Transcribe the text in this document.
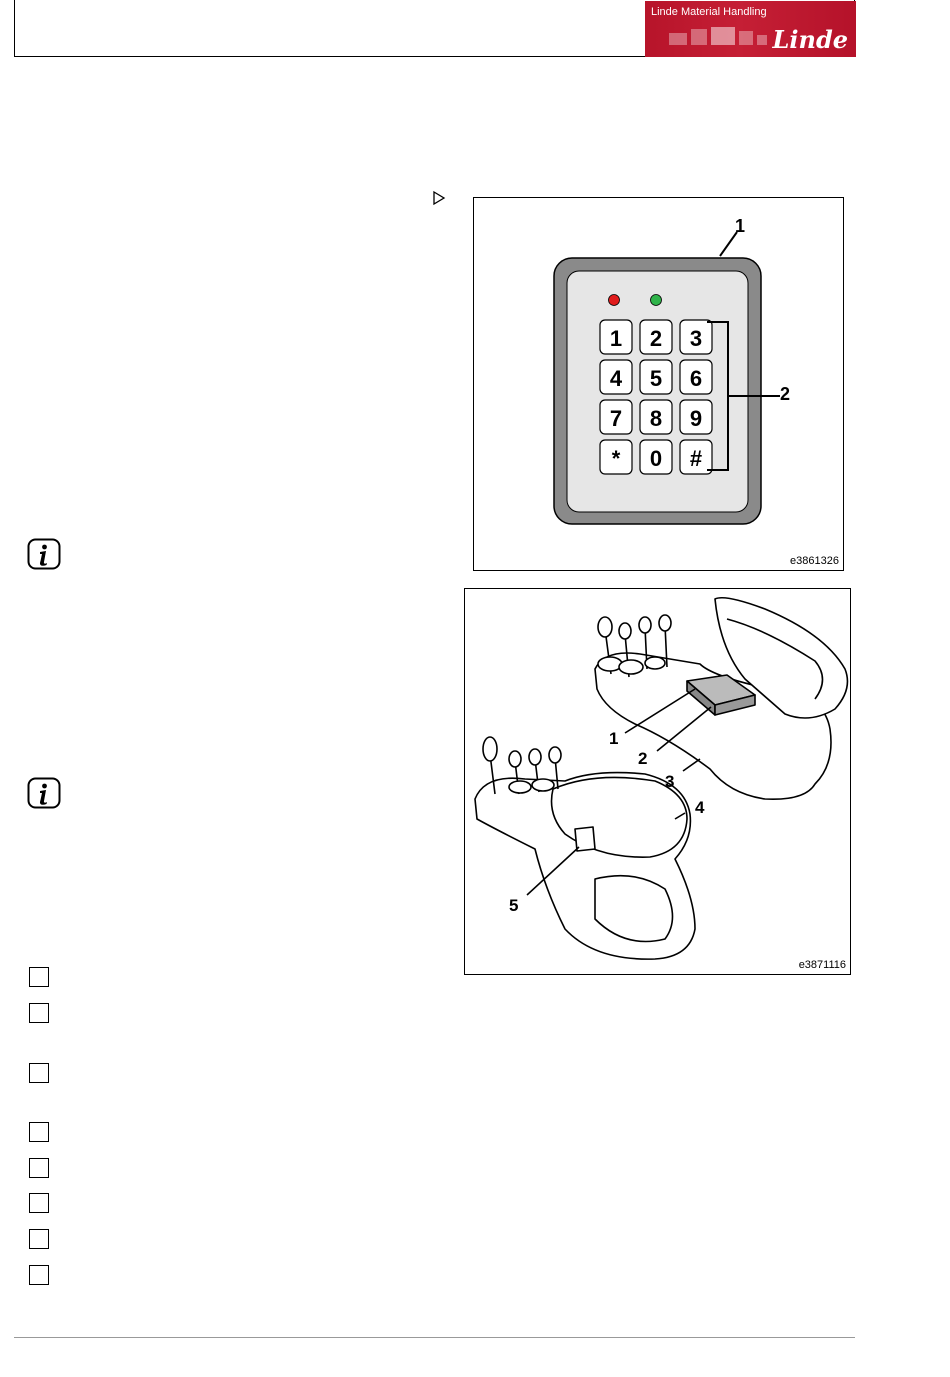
Linde Material Handling
Linde
1 2 3
4 5 6
7 8 9
* 0 #
1
2
e3861326
1
2
3
4
5
e3871116
